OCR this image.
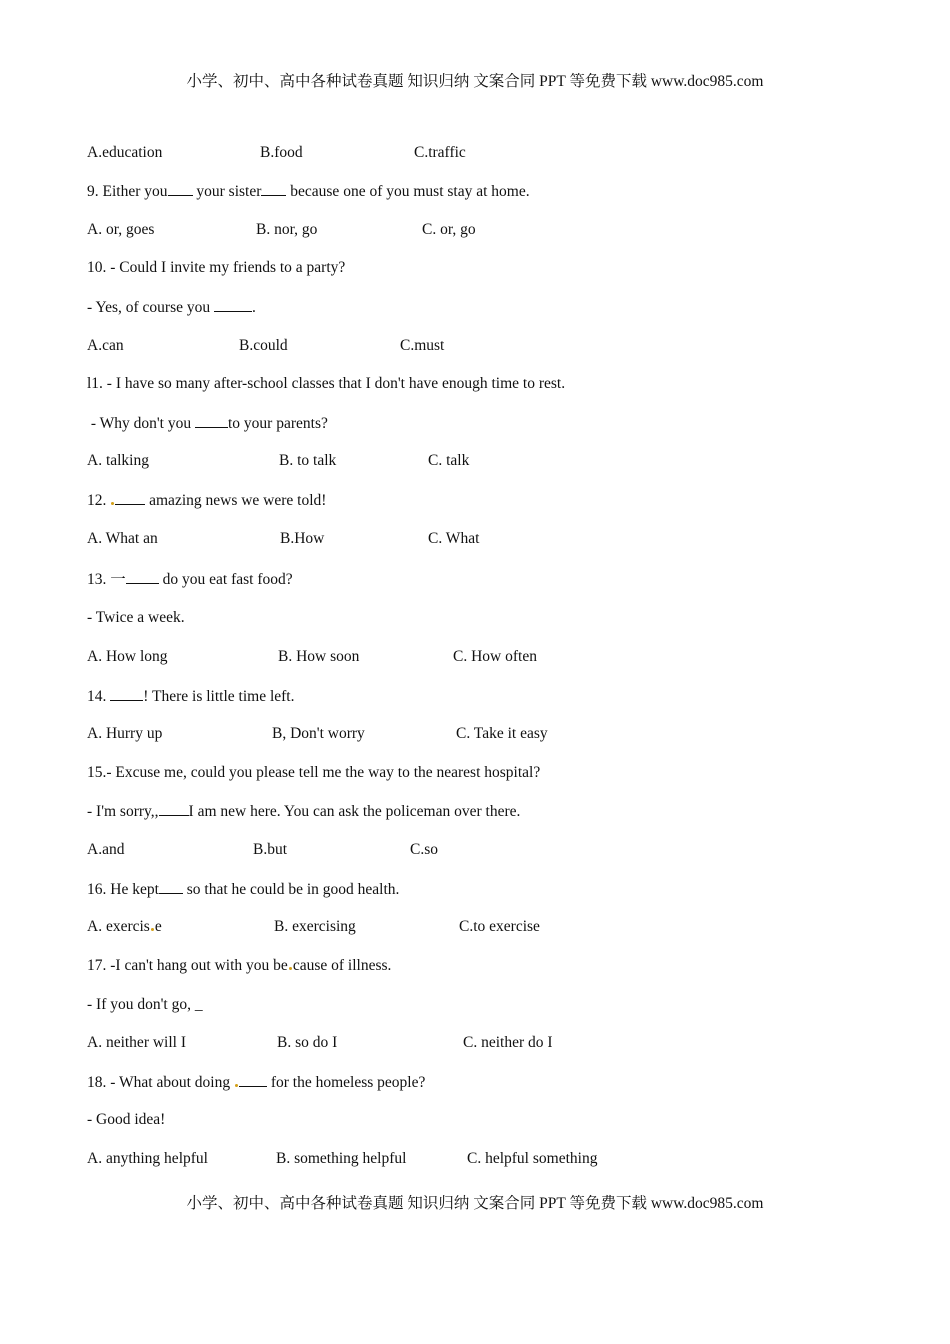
小学、初中、高中各种试卷真题 知识归纳 文案合同 PPT 等免费下载 www.doc985.com
A.education	B.food	C.traffic
9. Either you your sister because one of you must stay at home.
A. or, goes	B. nor, go	C. or, go
10. - Could I invite my friends to a party?
- Yes, of course you .
A.can	B.could	C.must
l1. - I have so many after-school classes that I don't have enough time to rest.
- Why don't you to your parents?
A. talking	B. to talk	C. talk
12.  amazing news we were told!
A. What an	B.How	C. What
13. 一 do you eat fast food?
- Twice a week.
A. How long	B. How soon	C. How often
14. ! There is little time left.
A. Hurry up	B, Don't worry	C. Take it easy
15.- Excuse me, could you please tell me the way to the nearest hospital?
- I'm sorry,, I am new here. You can ask the policeman over there.
A.and	B.but	C.so
16. He kept so that he could be in good health.
A. exercis e	B. exercising	C.to exercise
17. -I can't hang out with you be cause of illness.
- If you don't go, _
A. neither will I	B. so do I	C. neither do I
18. - What about doing  for the homeless people?
- Good idea!
A. anything helpful	B. something helpful	C. helpful something
小学、初中、高中各种试卷真题 知识归纳 文案合同 PPT 等免费下载 www.doc985.com
